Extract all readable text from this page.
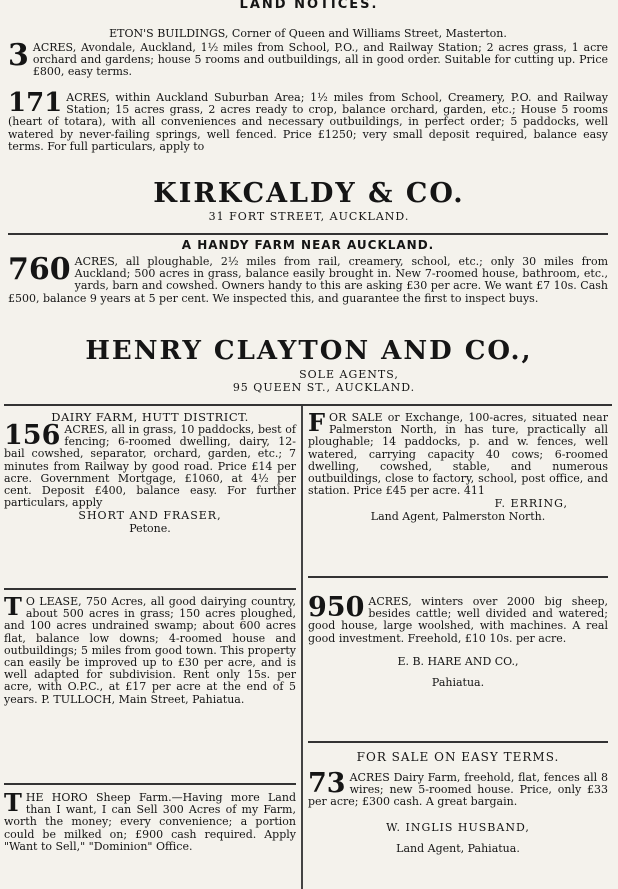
LAND NOTICES.

ETON'S BUILDINGS, Corner of Queen and Williams Street, Masterton.

3 ACRES, Avondale, Auckland, 1½ miles from School, P.O., and Railway Station; 2 acres grass, 1 acre orchard and gardens; house 5 rooms and outbuildings, all in good order. Suitable for cutting up. Price £800, easy terms.

171 ACRES, within Auckland Suburban Area; 1½ miles from School, Creamery, P.O. and Railway Station; 15 acres grass, 2 acres ready to crop, balance orchard, garden, etc.; House 5 rooms (heart of totara), with all conveniences and necessary outbuildings, in perfect order; 5 paddocks, well watered by never-failing springs, well fenced. Price £1250; very small deposit required, balance easy terms. For full particulars, apply to

KIRKCALDY & CO.
31 FORT STREET, AUCKLAND.
A HANDY FARM NEAR AUCKLAND.

760 ACRES, all ploughable, 2½ miles from rail, creamery, school, etc.; only 30 miles from Auckland; 500 acres in grass, balance easily brought in. New 7-roomed house, bathroom, etc., yards, barn and cowshed. Owners handy to this are asking £30 per acre. We want £7 10s. Cash £500, balance 9 years at 5 per cent. We inspected this, and guarantee the first to inspect buys.

HENRY CLAYTON AND CO.,
SOLE AGENTS,
95 QUEEN ST., AUCKLAND.
DAIRY FARM, HUTT DISTRICT.

156 ACRES, all in grass, 10 paddocks, best of fencing; 6-roomed dwelling, dairy, 12-bail cowshed, separator, orchard, garden, etc.; 7 minutes from Railway by good road. Price £14 per acre. Government Mortgage, £1060, at 4½ per cent. Deposit £400, balance easy. For further particulars, apply

SHORT AND FRASER,
Petone.

T O LEASE, 750 Acres, all good dairying country, about 500 acres in grass; 150 acres ploughed, and 100 acres undrained swamp; about 600 acres flat, balance low downs; 4-roomed house and outbuildings; 5 miles from good town. This property can easily be improved up to £30 per acre, and is well adapted for subdivision. Rent only 15s. per acre, with O.P.C., at £17 per acre at the end of 5 years. P. TULLOCH, Main Street, Pahiatua.

T HE HORO Sheep Farm.—Having more Land than I want, I can Sell 300 Acres of my Farm, worth the money; every convenience; a portion could be milked on; £900 cash required. Apply "Want to Sell," "Dominion" Office.

F OR SALE or Exchange, 100-acres, situated near Palmerston North, in has ture, practically all ploughable; 14 paddocks, p. and w. fences, well watered, carrying capacity 40 cows; 6-roomed dwelling, cowshed, stable, and numerous outbuildings, close to factory, school, post office, and station. Price £45 per acre. 411

F. ERRING,
Land Agent, Palmerston North.

950 ACRES, winters over 2000 big sheep, besides cattle; well divided and watered; good house, large woolshed, with machines. A real good investment. Freehold, £10 10s. per acre.

E. B. HARE AND CO.,
Pahiatua.
FOR SALE ON EASY TERMS.

73 ACRES Dairy Farm, freehold, flat, fences all 8 wires; new 5-roomed house. Price, only £33 per acre; £300 cash. A great bargain.

W. INGLIS HUSBAND,
Land Agent, Pahiatua.
